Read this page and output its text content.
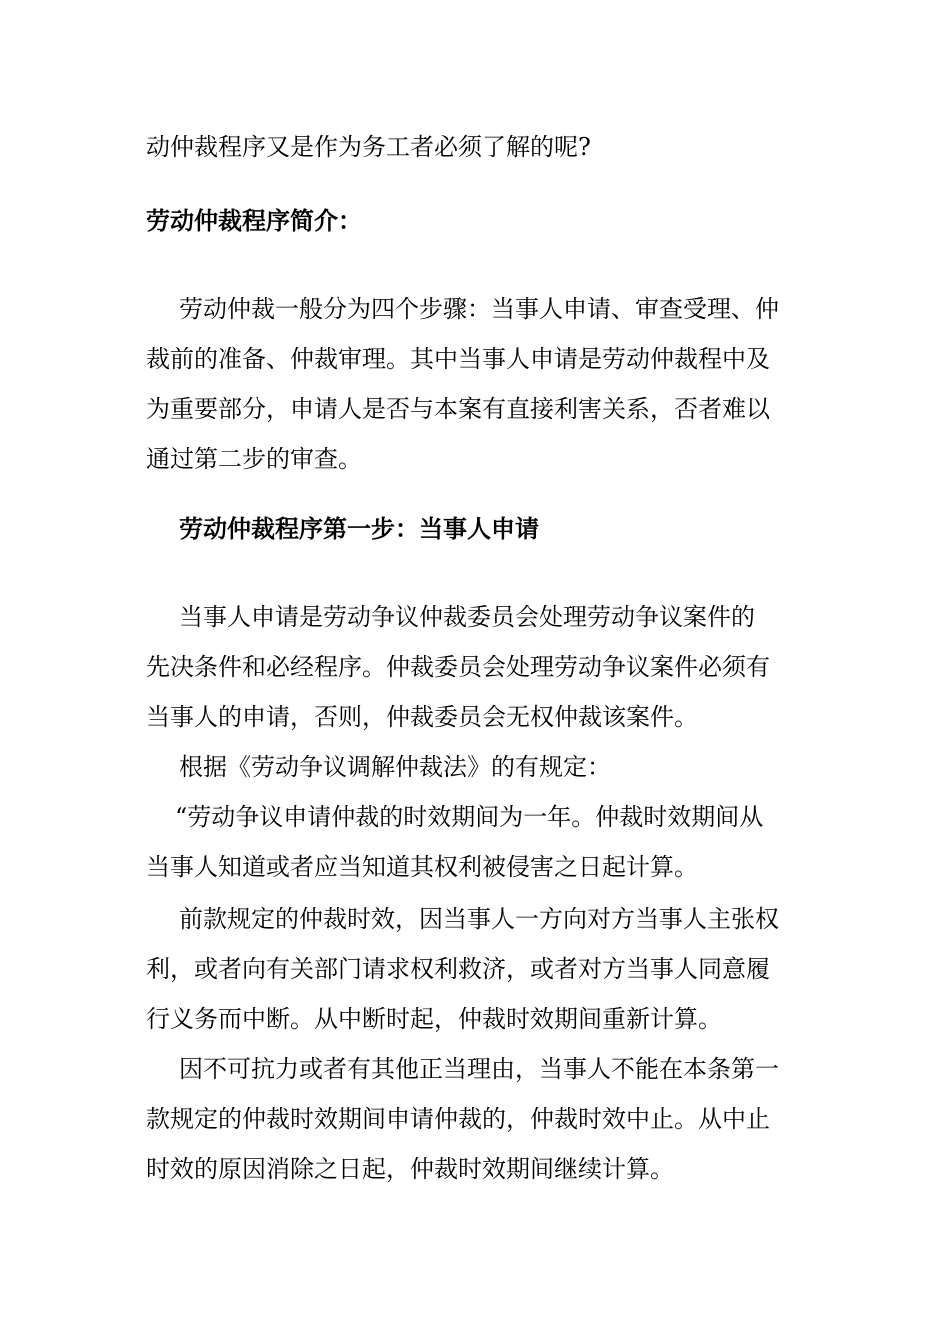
动仲裁程序又是作为务工者必须了解的呢?
劳动仲裁程序简介：
劳动仲裁一般分为四个步骤：当事人申请、审查受理、仲
裁前的准备、仲裁审理。其中当事人申请是劳动仲裁程中及
为重要部分，申请人是否与本案有直接利害关系，否者难以
通过第二步的审查。
劳动仲裁程序第一步：当事人申请
当事人申请是劳动争议仲裁委员会处理劳动争议案件的
先决条件和必经程序。仲裁委员会处理劳动争议案件必须有
当事人的申请，否则，仲裁委员会无权仲裁该案件。
根据《劳动争议调解仲裁法》的有规定：
“劳动争议申请仲裁的时效期间为一年。仲裁时效期间从
当事人知道或者应当知道其权利被侵害之日起计算。
前款规定的仲裁时效，因当事人一方向对方当事人主张权
利，或者向有关部门请求权利救济，或者对方当事人同意履
行义务而中断。从中断时起，仲裁时效期间重新计算。
因不可抗力或者有其他正当理由，当事人不能在本条第一
款规定的仲裁时效期间申请仲裁的，仲裁时效中止。从中止
时效的原因消除之日起，仲裁时效期间继续计算。
